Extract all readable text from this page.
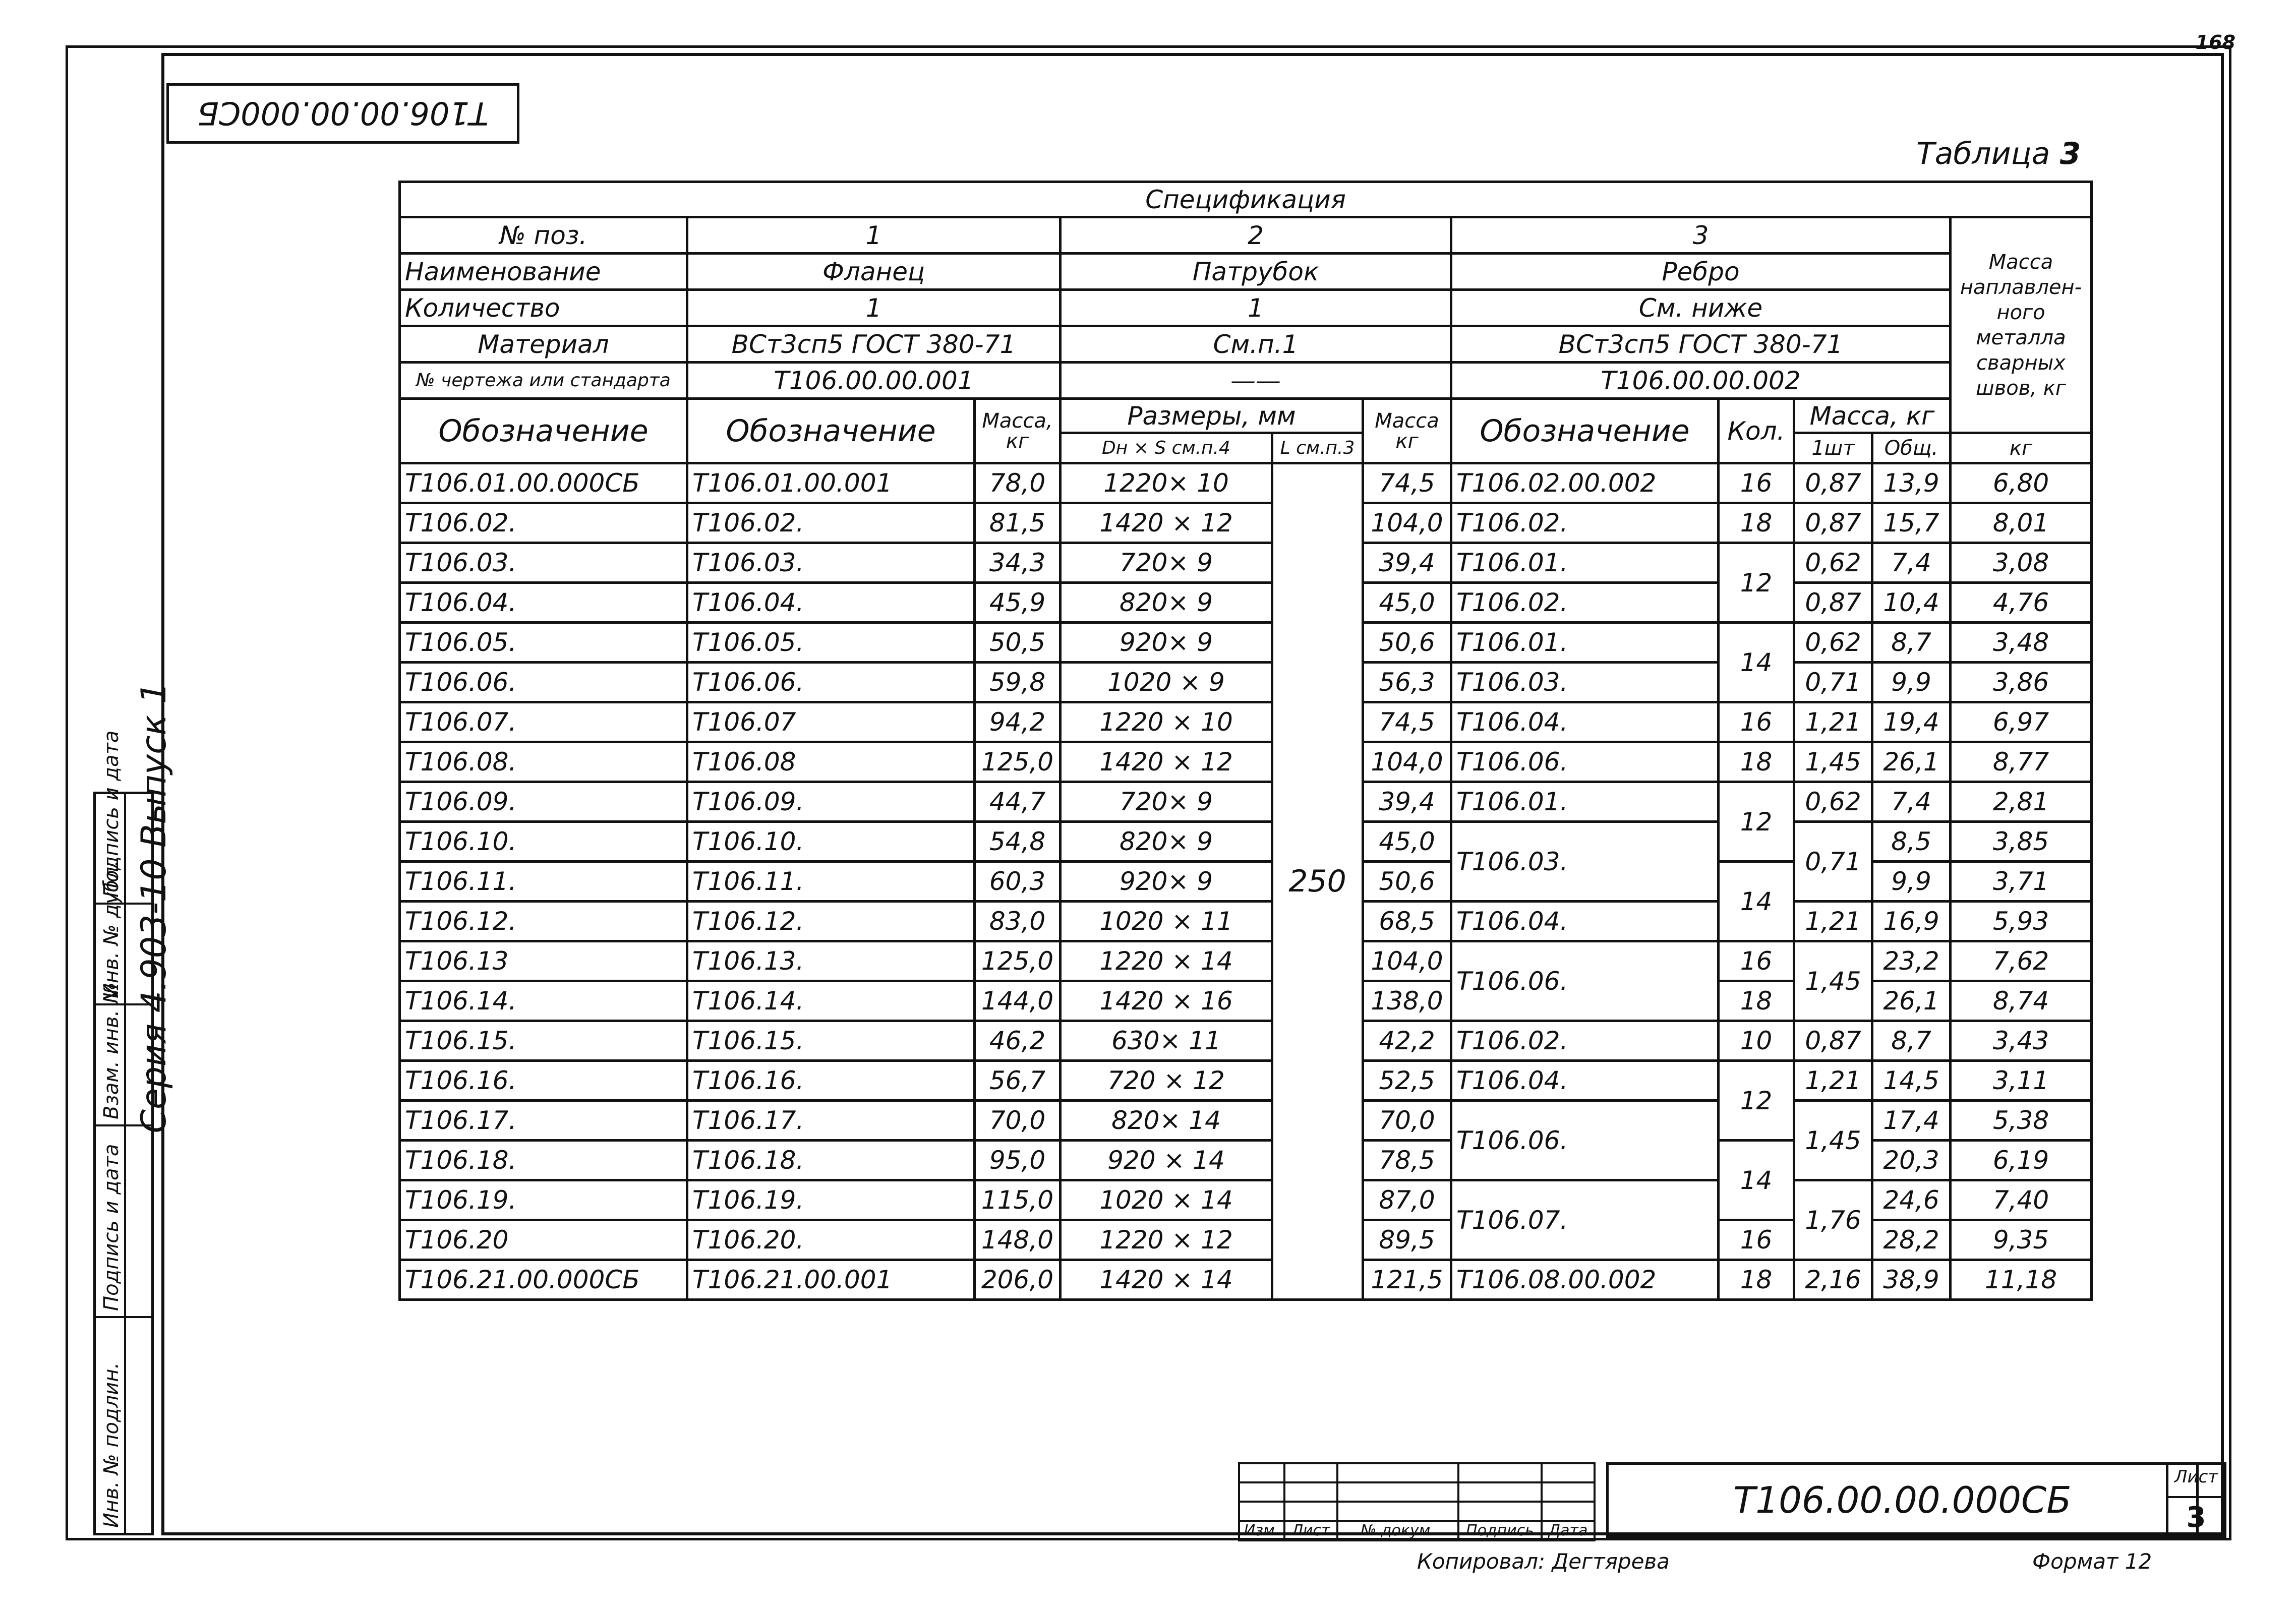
168
T106.00.00.000СБ
Таблица 3
Серия 4.903-10 Выпуск 1
Подпись и дата
Инв. № дубл.
Взам. инв. №
Подпись и дата
Инв. № подлин.
Спецификация										
№ поз.	1		2			3				Масса наплавлен-ного металла сварных швов, кг
Наименование	Фланец		Патрубок			Ребро				
Количество	1		1			См. ниже				
Материал	ВСт3сп5 ГОСТ 380-71		См.п.1			ВСт3сп5 ГОСТ 380-71				
№ чертежа или стандарта	Т106.00.00.001		——			Т106.00.00.002				
Обозначение	Обозначение	Масса, кг	Размеры, мм		Масса кг	Обозначение	Кол.	Масса, кг		
			Dн × S см.п.4	L см.п.3				1шт	Общ.	кг
Т106.01.00.000СБ	Т106.01.00.001	78,0	1220× 10	250	74,5	Т106.02.00.002	16	0,87	13,9	6,80
Т106.02.	Т106.02.	81,5	1420 × 12		104,0	Т106.02.	18	0,87	15,7	8,01
Т106.03.	Т106.03.	34,3	720× 9		39,4	Т106.01.	12	0,62	7,4	3,08
Т106.04.	Т106.04.	45,9	820× 9		45,0	Т106.02.		0,87	10,4	4,76
Т106.05.	Т106.05.	50,5	920× 9		50,6	Т106.01.	14	0,62	8,7	3,48
Т106.06.	Т106.06.	59,8	1020 × 9		56,3	Т106.03.		0,71	9,9	3,86
Т106.07.	Т106.07	94,2	1220 × 10		74,5	Т106.04.	16	1,21	19,4	6,97
Т106.08.	Т106.08	125,0	1420 × 12		104,0	Т106.06.	18	1,45	26,1	8,77
Т106.09.	Т106.09.	44,7	720× 9		39,4	Т106.01.	12	0,62	7,4	2,81
Т106.10.	Т106.10.	54,8	820× 9		45,0	Т106.03.		0,71	8,5	3,85
Т106.11.	Т106.11.	60,3	920× 9		50,6		14		9,9	3,71
Т106.12.	Т106.12.	83,0	1020 × 11		68,5	Т106.04.		1,21	16,9	5,93
Т106.13	Т106.13.	125,0	1220 × 14		104,0	Т106.06.	16	1,45	23,2	7,62
Т106.14.	Т106.14.	144,0	1420 × 16		138,0		18		26,1	8,74
Т106.15.	Т106.15.	46,2	630× 11		42,2	Т106.02.	10	0,87	8,7	3,43
Т106.16.	Т106.16.	56,7	720 × 12		52,5	Т106.04.	12	1,21	14,5	3,11
Т106.17.	Т106.17.	70,0	820× 14		70,0	Т106.06.		1,45	17,4	5,38
Т106.18.	Т106.18.	95,0	920 × 14		78,5		14		20,3	6,19
Т106.19.	Т106.19.	115,0	1020 × 14		87,0	Т106.07.		1,76	24,6	7,40
Т106.20	Т106.20.	148,0	1220 × 12		89,5		16		28,2	9,35
Т106.21.00.000СБ	Т106.21.00.001	206,0	1420 × 14		121,5	Т106.08.00.002	18	2,16	38,9	11,18

Изм.	Лист	№ докум.	Подпись	Дата
Т106.00.00.000СБ
Лист
3
Копировал: Дегтярева	Формат 12
